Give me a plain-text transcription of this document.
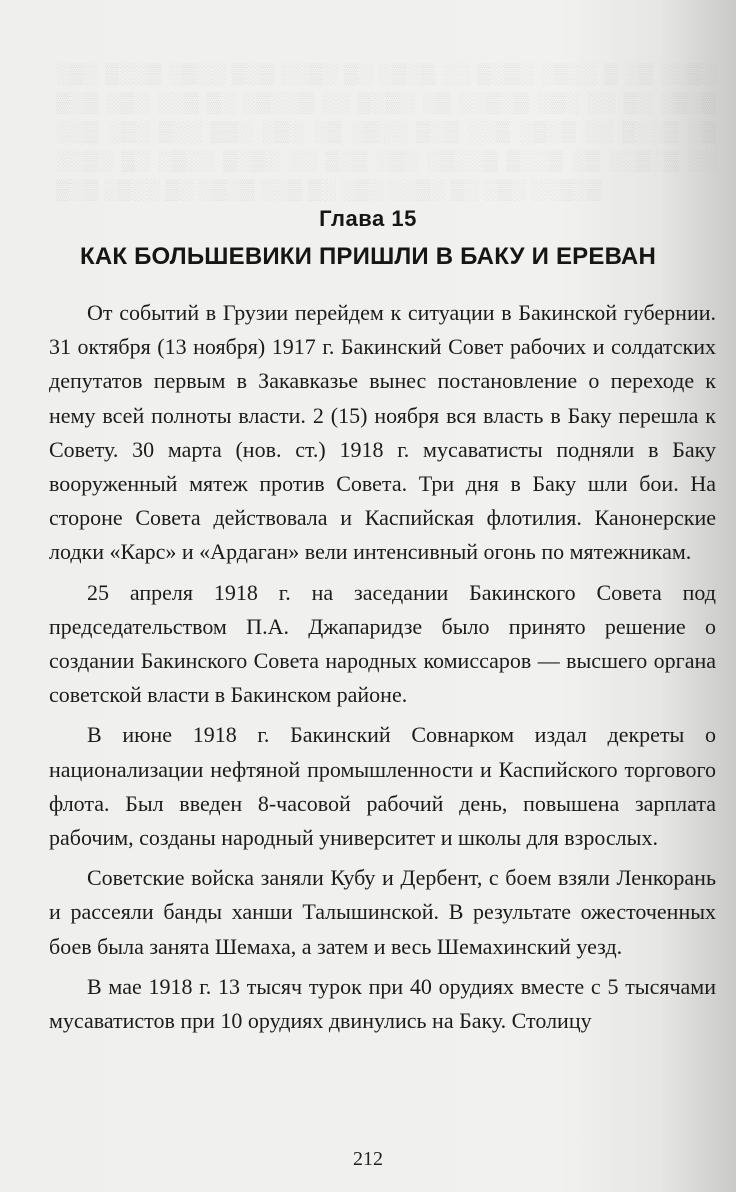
░▒░ ▒░░▒ ░▒░░ ▒░▒ ░░▒░ ▒░ ░▒░▒ ░░ ▒░▒░ ░▒░░ ▒ ░▒ ░░▒░ ▒░▒ ░▒░ ░░▒ ▒░ ░▒░░▒ ░░ ▒░▒░ ░▒ ░░▒░▒ ░▒░ ░░ ▒░ ░▒░▒ ░░▒ ░▒░ ▒░░ ▒▒░ ░▒░ ░▒ ░▒░░ ▒░▒ ░░▒ ░▒░▒ ░░ ▒░░▒ ░▒ ░░▒░ ▒░ ░▒░░ ▒░▒░ ░░ ▒░▒ ░▒░ ░▒░░▒ ▒░░▒ ░▒ ░░▒░▒ ░░ ▒░▒ ░▒░░ ▒░ ░▒░▒ ░░▒ ▒░ ░▒░ ░░▒░ ▒░ ░▒░ ░░▒░▒

Глава 15
КАК БОЛЬШЕВИКИ ПРИШЛИ В БАКУ И ЕРЕВАН

От событий в Грузии перейдем к ситуации в Бакинской губернии. 31 октября (13 ноября) 1917 г. Бакинский Совет рабочих и солдатских депутатов первым в Закавказье вынес постановление о переходе к нему всей полноты власти. 2 (15) ноября вся власть в Баку перешла к Совету. 30 марта (нов. ст.) 1918 г. мусаватисты подняли в Баку вооруженный мятеж против Совета. Три дня в Баку шли бои. На стороне Совета действовала и Каспийская флотилия. Канонерские лодки «Карс» и «Ардаган» вели интенсивный огонь по мятежникам.

25 апреля 1918 г. на заседании Бакинского Совета под председательством П.А. Джапаридзе было принято решение о создании Бакинского Совета народных комиссаров — высшего органа советской власти в Бакинском районе.

В июне 1918 г. Бакинский Совнарком издал декреты о национализации нефтяной промышленности и Каспийского торгового флота. Был введен 8-часовой рабочий день, повышена зарплата рабочим, созданы народный университет и школы для взрослых.

Советские войска заняли Кубу и Дербент, с боем взяли Ленкорань и рассеяли банды ханши Талышинской. В результате ожесточенных боев была занята Шемаха, а затем и весь Шемахинский уезд.

В мае 1918 г. 13 тысяч турок при 40 орудиях вместе с 5 тысячами мусаватистов при 10 орудиях двинулись на Баку. Столицу

212
